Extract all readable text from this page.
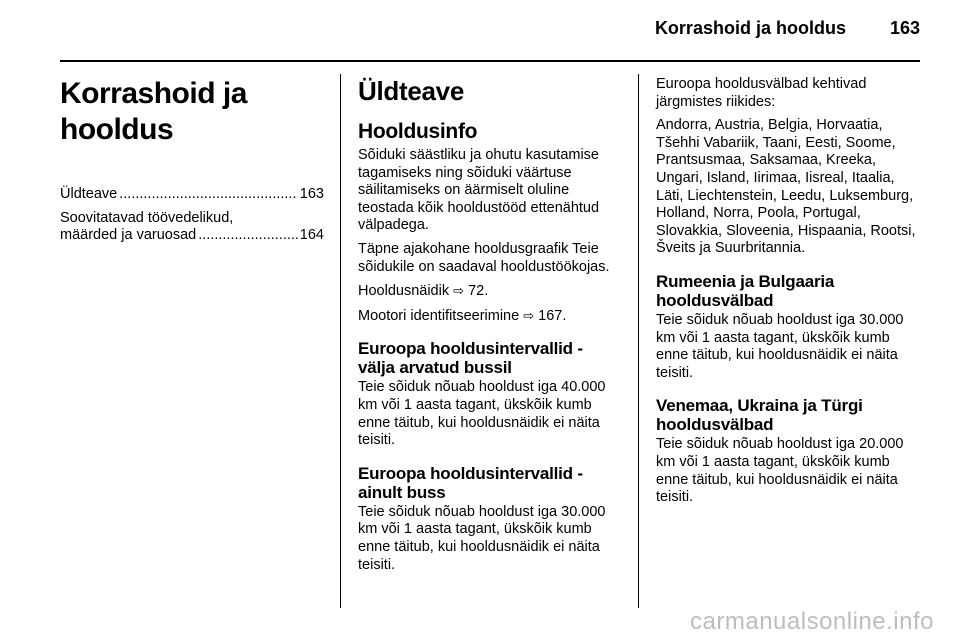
Korrashoid ja hooldus 163
Korrashoid ja hooldus
Üldteave .....	163
Soovitatavad töövedelikud,
määrded ja varuosad .....	164
Üldteave
Hooldusinfo

Sõiduki säästliku ja ohutu kasutamise tagamiseks ning sõiduki väärtuse säilitamiseks on äärmiselt oluline teostada kõik hooldustööd ettenähtud välpadega.

Täpne ajakohane hooldusgraafik Teie sõidukile on saadaval hooldustöökojas.

Hooldusnäidik ⇨ 72.

Mootori identifitseerimine ⇨ 167.

Euroopa hooldusintervallid - välja arvatud bussil

Teie sõiduk nõuab hooldust iga 40.000 km või 1 aasta tagant, ükskõik kumb enne täitub, kui hooldusnäidik ei näita teisiti.

Euroopa hooldusintervallid - ainult buss

Teie sõiduk nõuab hooldust iga 30.000 km või 1 aasta tagant, ükskõik kumb enne täitub, kui hooldusnäidik ei näita teisiti.

Euroopa hooldusvälbad kehtivad järgmistes riikides:

Andorra, Austria, Belgia, Horvaatia, Tšehhi Vabariik, Taani, Eesti, Soome, Prantsusmaa, Saksamaa, Kreeka, Ungari, Island, Iirimaa, Iisreal, Itaalia, Läti, Liechtenstein, Leedu, Luksemburg, Holland, Norra, Poola, Portugal, Slovakkia, Sloveenia, Hispaania, Rootsi, Šveits ja Suurbritannia.

Rumeenia ja Bulgaaria hooldusvälbad

Teie sõiduk nõuab hooldust iga 30.000 km või 1 aasta tagant, ükskõik kumb enne täitub, kui hooldusnäidik ei näita teisiti.

Venemaa, Ukraina ja Türgi hooldusvälbad

Teie sõiduk nõuab hooldust iga 20.000 km või 1 aasta tagant, ükskõik kumb enne täitub, kui hooldusnäidik ei näita teisiti.

carmanualsonline.info
